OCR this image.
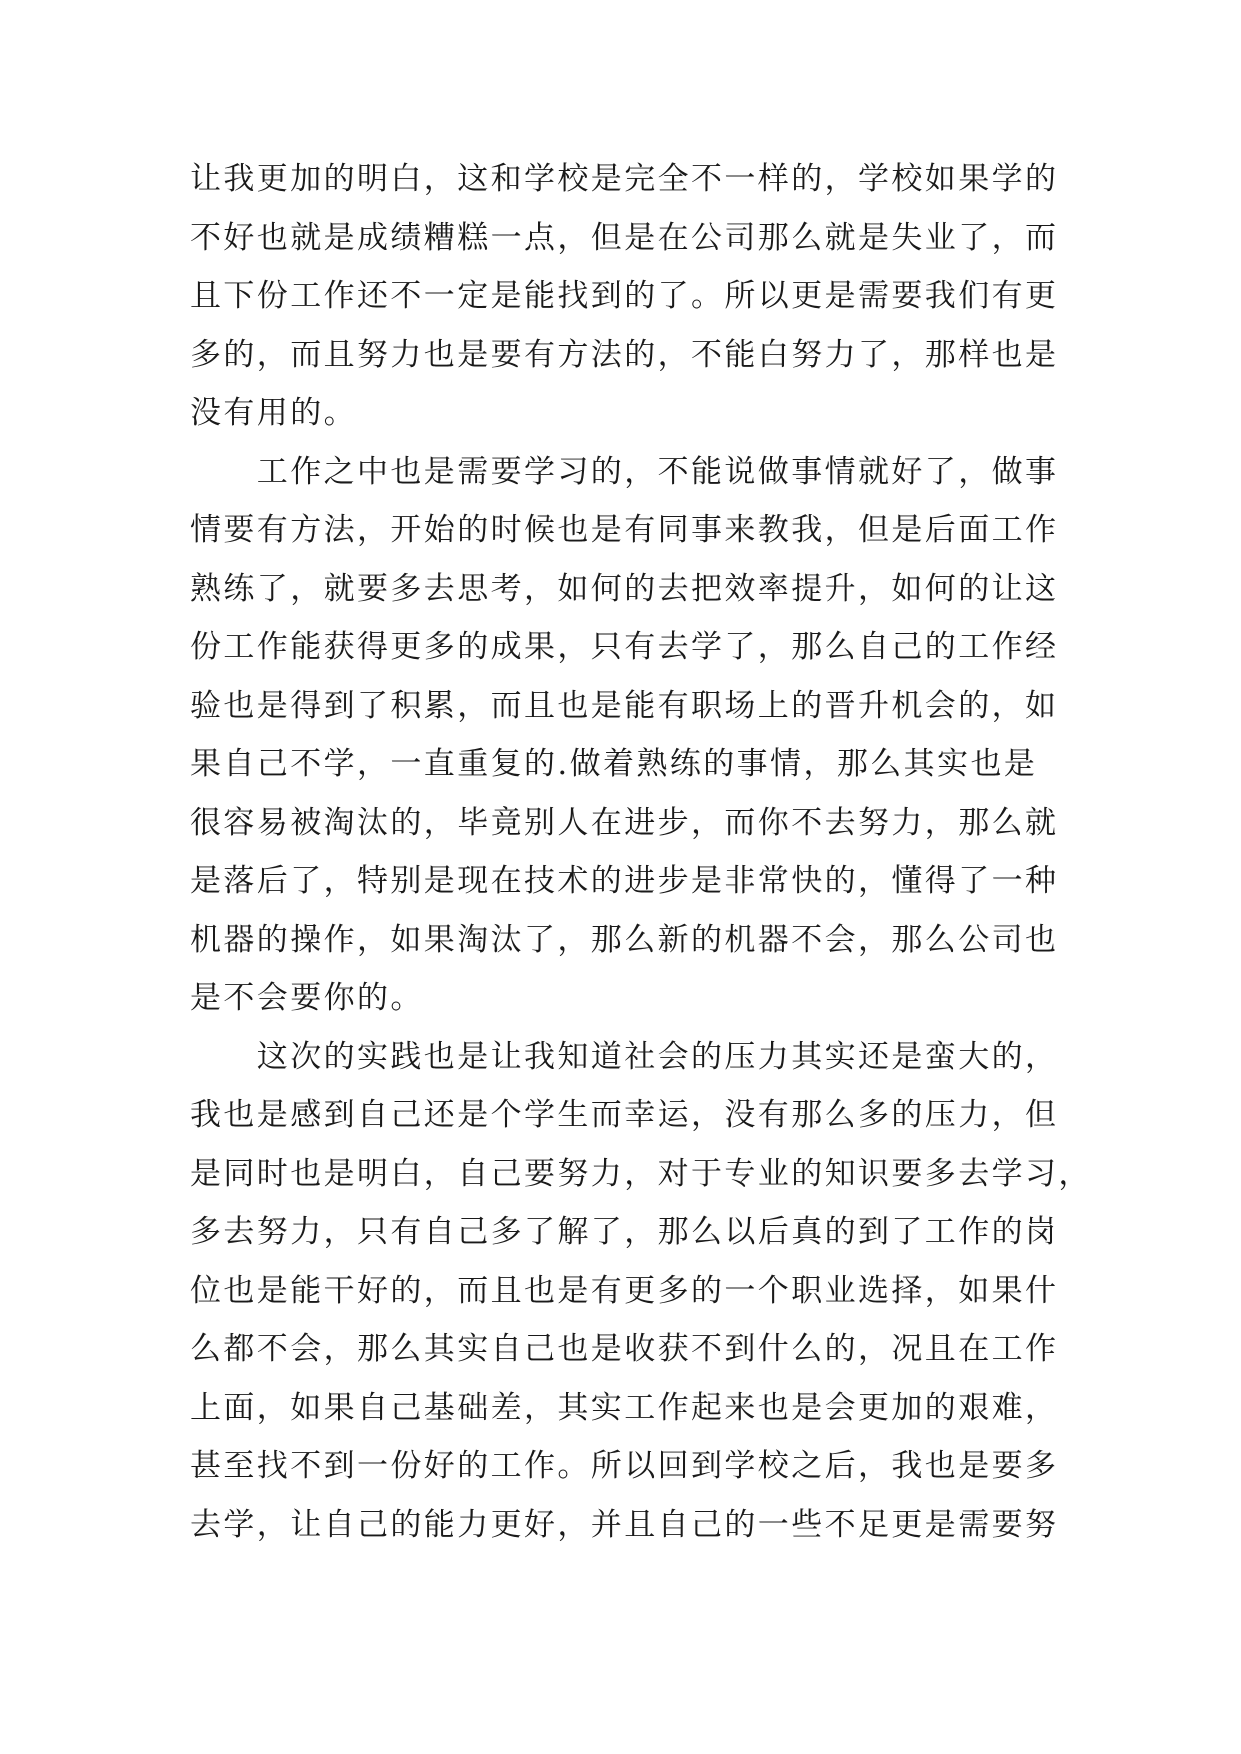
让我更加的明白，这和学校是完全不一样的，学校如果学的
不好也就是成绩糟糕一点，但是在公司那么就是失业了，而
且下份工作还不一定是能找到的了。所以更是需要我们有更
多的，而且努力也是要有方法的，不能白努力了，那样也是
没有用的。
　　工作之中也是需要学习的，不能说做事情就好了，做事
情要有方法，开始的时候也是有同事来教我，但是后面工作
熟练了，就要多去思考，如何的去把效率提升，如何的让这
份工作能获得更多的成果，只有去学了，那么自己的工作经
验也是得到了积累，而且也是能有职场上的晋升机会的，如
果自己不学，一直重复的.做着熟练的事情，那么其实也是
很容易被淘汰的，毕竟别人在进步，而你不去努力，那么就
是落后了，特别是现在技术的进步是非常快的，懂得了一种
机器的操作，如果淘汰了，那么新的机器不会，那么公司也
是不会要你的。
　　这次的实践也是让我知道社会的压力其实还是蛮大的，
我也是感到自己还是个学生而幸运，没有那么多的压力，但
是同时也是明白，自己要努力，对于专业的知识要多去学习，
多去努力，只有自己多了解了，那么以后真的到了工作的岗
位也是能干好的，而且也是有更多的一个职业选择，如果什
么都不会，那么其实自己也是收获不到什么的，况且在工作
上面，如果自己基础差，其实工作起来也是会更加的艰难，
甚至找不到一份好的工作。所以回到学校之后，我也是要多
去学，让自己的能力更好，并且自己的一些不足更是需要努
